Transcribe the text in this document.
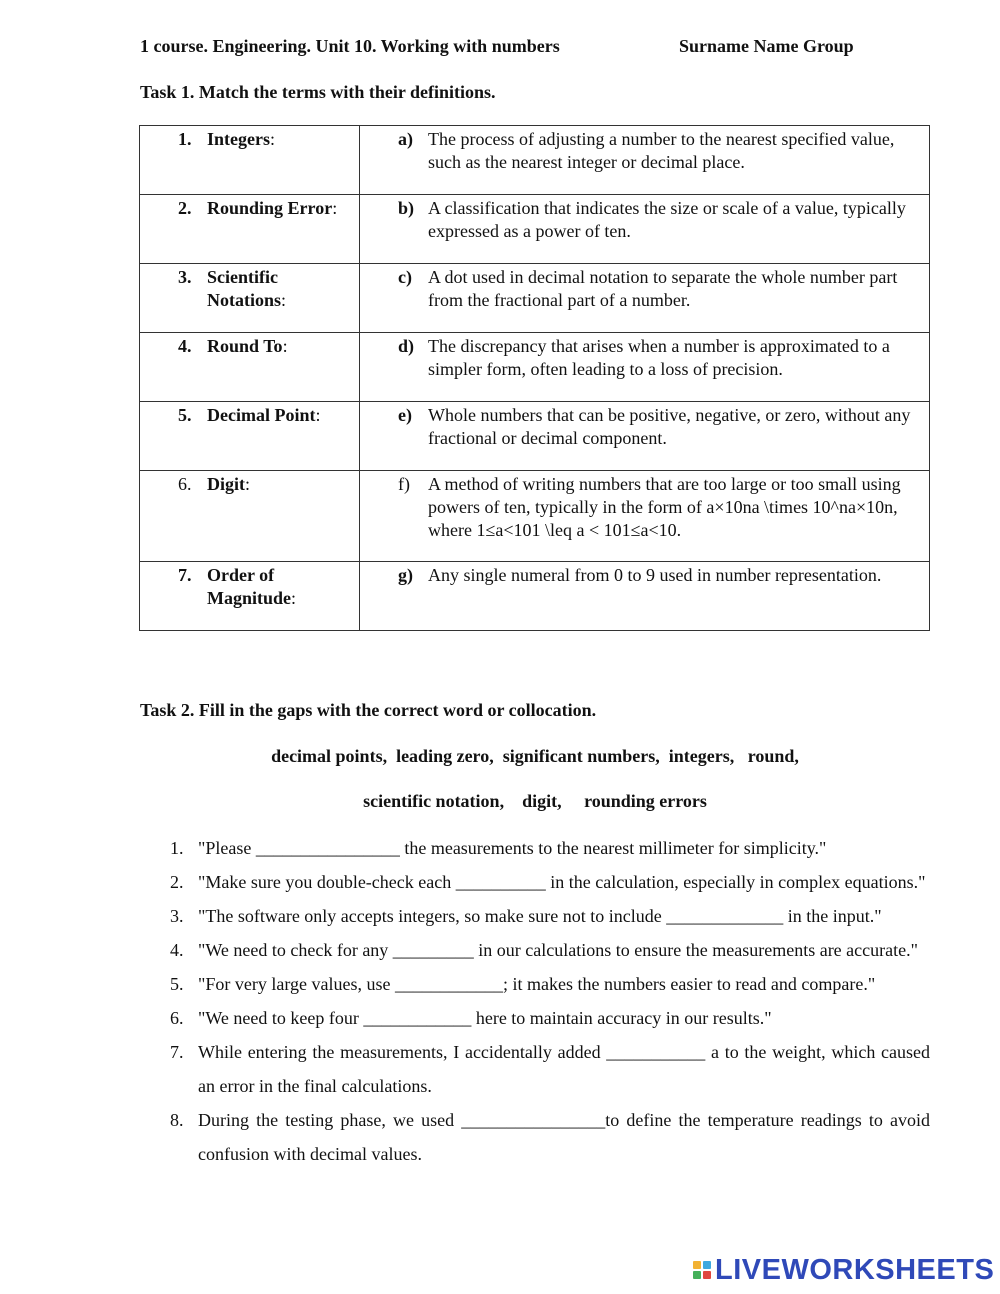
1 course. Engineering. Unit 10. Working with numbers	Surname Name Group
Task 1. Match the terms with their definitions.
1. Integers:	a) The process of adjusting a number to the nearest specified value, such as the nearest integer or decimal place.

2. Rounding Error:	b) A classification that indicates the size or scale of a value, typically expressed as a power of ten.

3. Scientific Notations:	c) A dot used in decimal notation to separate the whole number part from the fractional part of a number.

4. Round To:	d) The discrepancy that arises when a number is approximated to a simpler form, often leading to a loss of precision.

5. Decimal Point:	e) Whole numbers that can be positive, negative, or zero, without any fractional or decimal component.

6. Digit:	f) A method of writing numbers that are too large or too small using powers of ten, typically in the form of a×10na \times 10^na×10n, where 1≤a<101 \leq a < 101≤a<10.

7. Order of Magnitude:	g) Any single numeral from 0 to 9 used in number representation.
Task 2. Fill in the gaps with the correct word or collocation.
decimal points,  leading zero,  significant numbers,  integers,   round,
scientific notation,    digit,     rounding errors
1. "Please ________________ the measurements to the nearest millimeter for simplicity."
2. "Make sure you double-check each __________ in the calculation, especially in complex equations."
3. "The software only accepts integers, so make sure not to include _____________ in the input."
4. "We need to check for any _________ in our calculations to ensure the measurements are accurate."
5. "For very large values, use ____________; it makes the numbers easier to read and compare."
6. "We need to keep four ____________ here to maintain accuracy in our results."
7. While entering the measurements, I accidentally added ___________ a to the weight, which caused an error in the final calculations.
8. During the testing phase, we used ________________to define the temperature readings to avoid confusion with decimal values.
LIVEWORKSHEETS
